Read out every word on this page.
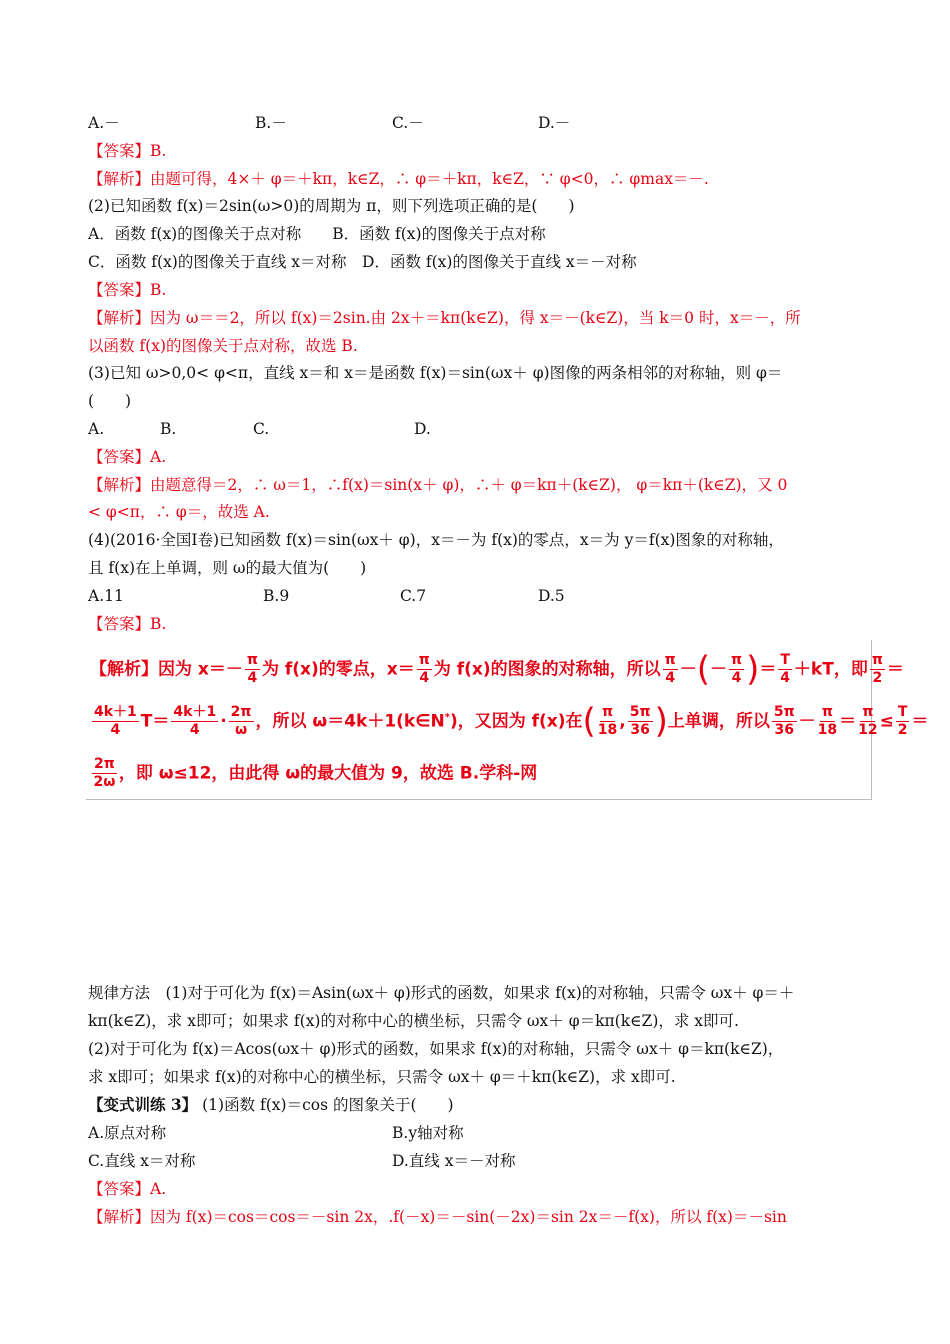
A.－	B.－	C.－	D.－
【答案】B.
【解析】由题可得，4×＋ φ＝＋kπ，k∈Z，∴ φ＝＋kπ，k∈Z，∵ φ<0，∴ φmax＝－.
(2)已知函数 f(x)＝2sin(ω>0)的周期为 π，则下列选项正确的是(　　)
A．函数 f(x)的图像关于点对称　　B．函数 f(x)的图像关于点对称
C．函数 f(x)的图像关于直线 x＝对称　D．函数 f(x)的图像关于直线 x＝－对称
【答案】B.
【解析】因为 ω＝＝2，所以 f(x)＝2sin.由 2x＋＝kπ(k∈Z)，得 x＝－(k∈Z)，当 k＝0 时，x＝－，所
以函数 f(x)的图像关于点对称，故选 B.
(3)已知 ω>0,0< φ<π，直线 x＝和 x＝是函数 f(x)＝sin(ωx＋ φ)图像的两条相邻的对称轴，则 φ＝
(　　)
A.	B.	C.	D.
【答案】A.
【解析】由题意得＝2，∴ ω＝1，∴f(x)＝sin(x＋ φ)，∴＋ φ＝kπ＋(k∈Z)， φ＝kπ＋(k∈Z)，又 0
< φ<π，∴ φ＝，故选 A.
(4)(2016·全国Ⅰ卷)已知函数 f(x)＝sin(ωx＋ φ)，x＝－为 f(x)的零点，x＝为 y＝f(x)图象的对称轴，
且 f(x)在上单调，则 ω的最大值为(　　)
A.11	B.9	C.7	D.5
【答案】B.
【解析】因为 $x=- \frac{\pi}{4}$ 为 f(x)的零点，$x= \frac{\pi}{4}$ 为 f(x)的图象的对称轴，所以 $\frac{\pi}{4}$ －(－ $\frac{\pi}{4}$ )＝ $\frac{T}{4} +kT$，即 $\frac{\pi}{2}$ ＝
$\frac{4k+1}{4} T= \frac{4k+1}{4} \cdot \frac{2\pi}{\omega}$ ，所以 ω＝4k＋1(k∈N*)，又因为 f(x)在( $\frac{\pi}{18}$ , $\frac{5\pi}{36}$ )上单调，所以 $\frac{5\pi}{36} - \frac{\pi}{18} = \frac{\pi}{12} \le \frac{T}{2}$ ＝
$\frac{2\pi}{2\omega}$ ，即 ω≤12，由此得 ω的最大值为 9，故选 B.学科-网
规律方法　(1)对于可化为 f(x)＝Asin(ωx＋ φ)形式的函数，如果求 f(x)的对称轴，只需令 ωx＋ φ＝＋
kπ(k∈Z)，求 x即可；如果求 f(x)的对称中心的横坐标，只需令 ωx＋ φ＝kπ(k∈Z)，求 x即可.
(2)对于可化为 f(x)＝Acos(ωx＋ φ)形式的函数，如果求 f(x)的对称轴，只需令 ωx＋ φ＝kπ(k∈Z)，
求 x即可；如果求 f(x)的对称中心的横坐标，只需令 ωx＋ φ＝＋kπ(k∈Z)，求 x即可.
【变式训练 3】 (1)函数 f(x)＝cos 的图象关于(　　)
A.原点对称	B.y轴对称
C.直线 x＝对称	D.直线 x＝－对称
【答案】A.
【解析】因为 f(x)＝cos＝cos＝－sin 2x，.f(－x)＝－sin(－2x)＝sin 2x＝－f(x)，所以 f(x)＝－sin
